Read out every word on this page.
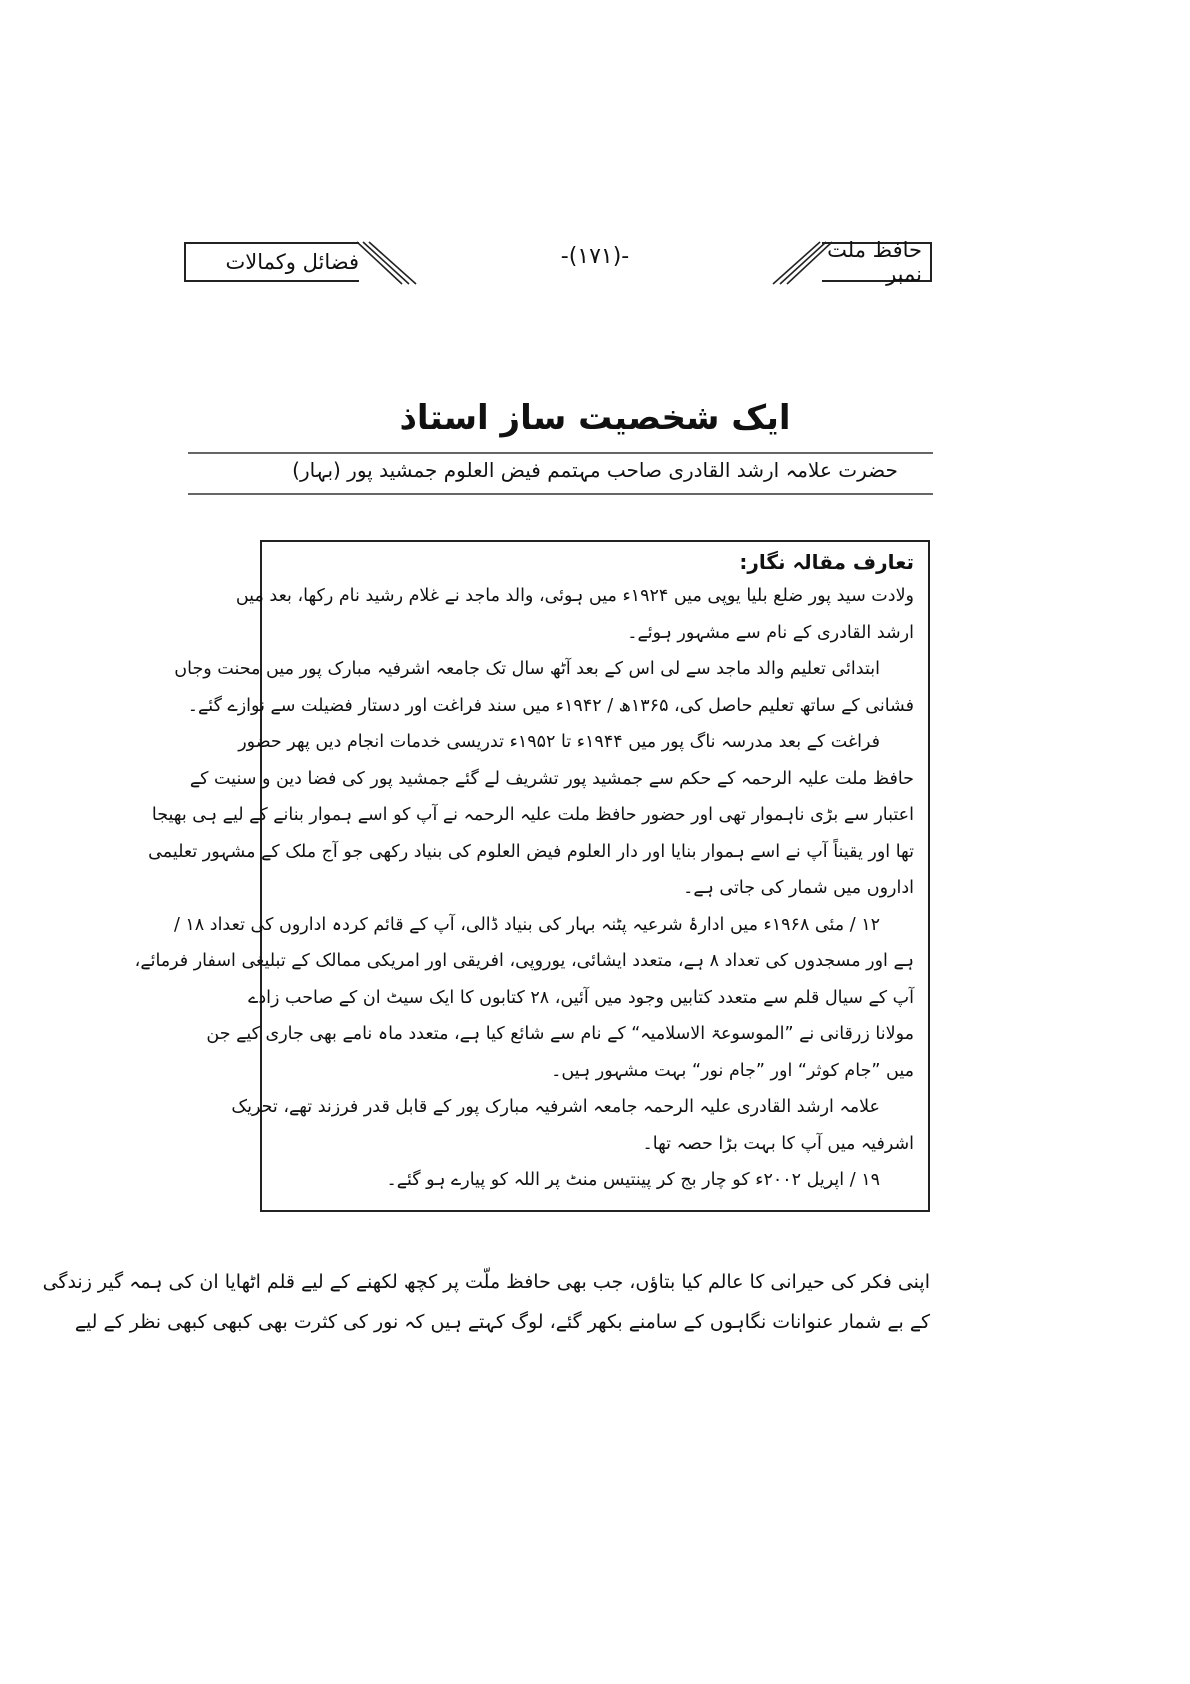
فضائل وکمالات	-(۱۷۱)-	حافظ ملت نمبر
ایک شخصیت ساز استاذ
حضرت علامہ ارشد القادری صاحب مہتمم فیض العلوم جمشید پور (بہار)
تعارف مقالہ نگار:
ولادت سید پور ضلع بلیا یوپی میں ۱۹۲۴ء میں ہوئی، والد ماجد نے غلام رشید نام رکھا، بعد میں
ارشد القادری کے نام سے مشہور ہوئے۔
ابتدائی تعلیم والد ماجد سے لی اس کے بعد آٹھ سال تک جامعہ اشرفیہ مبارک پور میں محنت وجاں
فشانی کے ساتھ تعلیم حاصل کی، ۱۳۶۵ھ / ۱۹۴۲ء میں سند فراغت اور دستار فضیلت سے نوازے گئے۔
فراغت کے بعد مدرسہ ناگ پور میں ۱۹۴۴ء تا ۱۹۵۲ء تدریسی خدمات انجام دیں پھر حضور
حافظ ملت علیہ الرحمہ کے حکم سے جمشید پور تشریف لے گئے جمشید پور کی فضا دین و سنیت کے
اعتبار سے بڑی ناہموار تھی اور حضور حافظ ملت علیہ الرحمہ نے آپ کو اسے ہموار بنانے کے لیے ہی بھیجا
تھا اور یقیناً آپ نے اسے ہموار بنایا اور دار العلوم فیض العلوم کی بنیاد رکھی جو آج ملک کے مشہور تعلیمی
اداروں میں شمار کی جاتی ہے۔
۱۲ / مئی ۱۹۶۸ء میں ادارۂ شرعیہ پٹنہ بہار کی بنیاد ڈالی، آپ کے قائم کردہ اداروں کی تعداد ۱۸ /
ہے اور مسجدوں کی تعداد ۸ ہے، متعدد ایشائی، یوروپی، افریقی اور امریکی ممالک کے تبلیغی اسفار فرمائے،
آپ کے سیال قلم سے متعدد کتابیں وجود میں آئیں، ۲۸ کتابوں کا ایک سیٹ ان کے صاحب زادے
مولانا زرقانی نے ”الموسوعۃ الاسلامیہ“ کے نام سے شائع کیا ہے، متعدد ماہ نامے بھی جاری کیے جن
میں ”جام کوثر“ اور ”جام نور“ بہت مشہور ہیں۔
علامہ ارشد القادری علیہ الرحمہ جامعہ اشرفیہ مبارک پور کے قابل قدر فرزند تھے، تحریک
اشرفیہ میں آپ کا بہت بڑا حصہ تھا۔
۱۹ / اپریل ۲۰۰۲ء کو چار بج کر پینتیس منٹ پر اللہ کو پیارے ہو گئے۔
اپنی فکر کی حیرانی کا عالم کیا بتاؤں، جب بھی حافظ ملّت پر کچھ لکھنے کے لیے قلم اٹھایا ان کی ہمہ گیر زندگی
کے بے شمار عنوانات نگاہوں کے سامنے بکھر گئے، لوگ کہتے ہیں کہ نور کی کثرت بھی کبھی کبھی نظر کے لیے
